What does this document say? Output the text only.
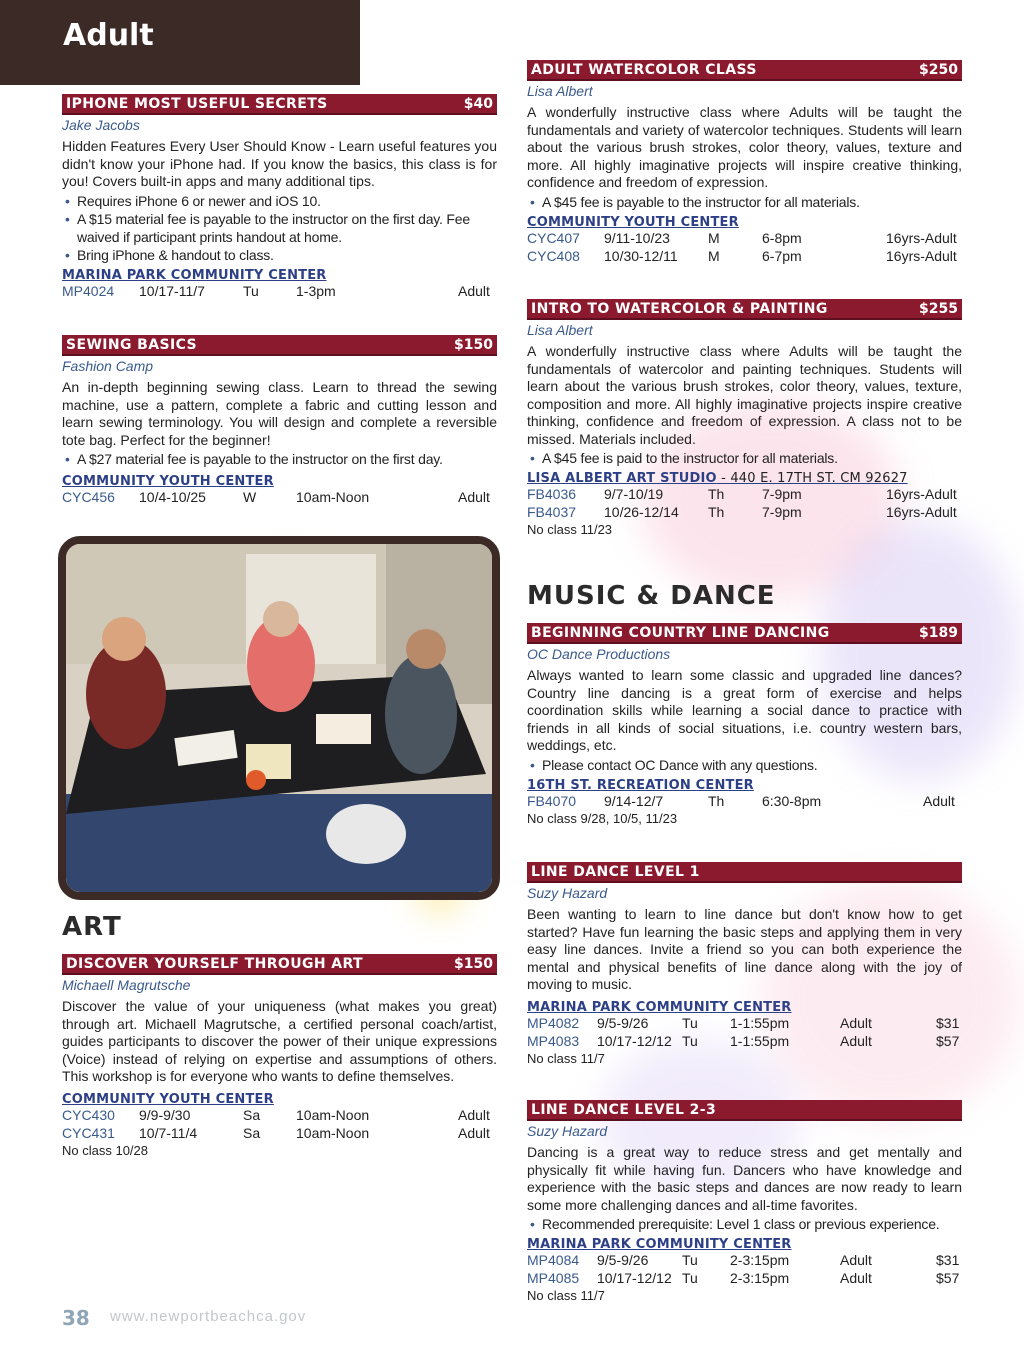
Adult
IPHONE MOST USEFUL SECRETS	$40
Jake Jacobs
Hidden Features Every User Should Know - Learn useful features you didn't know your iPhone had. If you know the basics, this class is for you! Covers built-in apps and many additional tips.
• Requires iPhone 6 or newer and iOS 10.
• A $15 material fee is payable to the instructor on the first day. Fee waived if participant prints handout at home.
• Bring iPhone & handout to class.
MARINA PARK COMMUNITY CENTER
MP4024 10/17-11/7	Tu	1-3pm	Adult
SEWING BASICS	$150
Fashion Camp
An in-depth beginning sewing class. Learn to thread the sewing machine, use a pattern, complete a fabric and cutting lesson and learn sewing terminology. You will design and complete a reversible tote bag. Perfect for the beginner!
• A $27 material fee is payable to the instructor on the first day.
COMMUNITY YOUTH CENTER
CYC456 10/4-10/25	W	10am-Noon	Adult
ART
DISCOVER YOURSELF THROUGH ART	$150
Michaell Magrutsche
Discover the value of your uniqueness (what makes you great) through art. Michaell Magrutsche, a certified personal coach/artist, guides participants to discover the power of their unique expressions (Voice) instead of relying on expertise and assumptions of others. This workshop is for everyone who wants to define themselves.
COMMUNITY YOUTH CENTER
CYC430 9/9-9/30	Sa	10am-Noon	Adult
CYC431 10/7-11/4	Sa	10am-Noon	Adult
No class 10/28
ADULT WATERCOLOR CLASS	$250
Lisa Albert
A wonderfully instructive class where Adults will be taught the fundamentals and variety of watercolor techniques. Students will learn about the various brush strokes, color theory, values, texture and more. All highly imaginative projects will inspire creative thinking, confidence and freedom of expression.
• A $45 fee is payable to the instructor for all materials.
COMMUNITY YOUTH CENTER
CYC407 9/11-10/23	M	6-8pm	16yrs-Adult
CYC408 10/30-12/11 M	6-7pm	16yrs-Adult
INTRO TO WATERCOLOR & PAINTING	$255
Lisa Albert
A wonderfully instructive class where Adults will be taught the fundamentals of watercolor and painting techniques. Students will learn about the various brush strokes, color theory, values, texture, composition and more. All highly imaginative projects inspire creative thinking, confidence and freedom of expression. A class not to be missed. Materials included.
• A $45 fee is paid to the instructor for all materials.
LISA ALBERT ART STUDIO - 440 E. 17TH ST. CM 92627
FB4036 9/7-10/19	Th	7-9pm	16yrs-Adult
FB4037 10/26-12/14 Th	7-9pm	16yrs-Adult
No class 11/23
MUSIC & DANCE
BEGINNING COUNTRY LINE DANCING	$189
OC Dance Productions
Always wanted to learn some classic and upgraded line dances? Country line dancing is a great form of exercise and helps coordination skills while learning a social dance to practice with friends in all kinds of social situations, i.e. country western bars, weddings, etc.
• Please contact OC Dance with any questions.
16TH ST. RECREATION CENTER
FB4070 9/14-12/7	Th	6:30-8pm	Adult
No class 9/28, 10/5, 11/23
LINE DANCE LEVEL 1
Suzy Hazard
Been wanting to learn to line dance but don't know how to get started? Have fun learning the basic steps and applying them in very easy line dances. Invite a friend so you can both experience the mental and physical benefits of line dance along with the joy of moving to music.
MARINA PARK COMMUNITY CENTER
MP4082 9/5-9/26 Tu 1-1:55pm	Adult	$31
MP4083 10/17-12/12 Tu 1-1:55pm	Adult	$57
No class 11/7
LINE DANCE LEVEL 2-3
Suzy Hazard
Dancing is a great way to reduce stress and get mentally and physically fit while having fun. Dancers who have knowledge and experience with the basic steps and dances are now ready to learn some more challenging dances and all-time favorites.
• Recommended prerequisite: Level 1 class or previous experience.
MARINA PARK COMMUNITY CENTER
MP4084 9/5-9/26 Tu 2-3:15pm	Adult	$31
MP4085 10/17-12/12 Tu 2-3:15pm	Adult	$57
No class 11/7
38 www.newportbeachca.gov
